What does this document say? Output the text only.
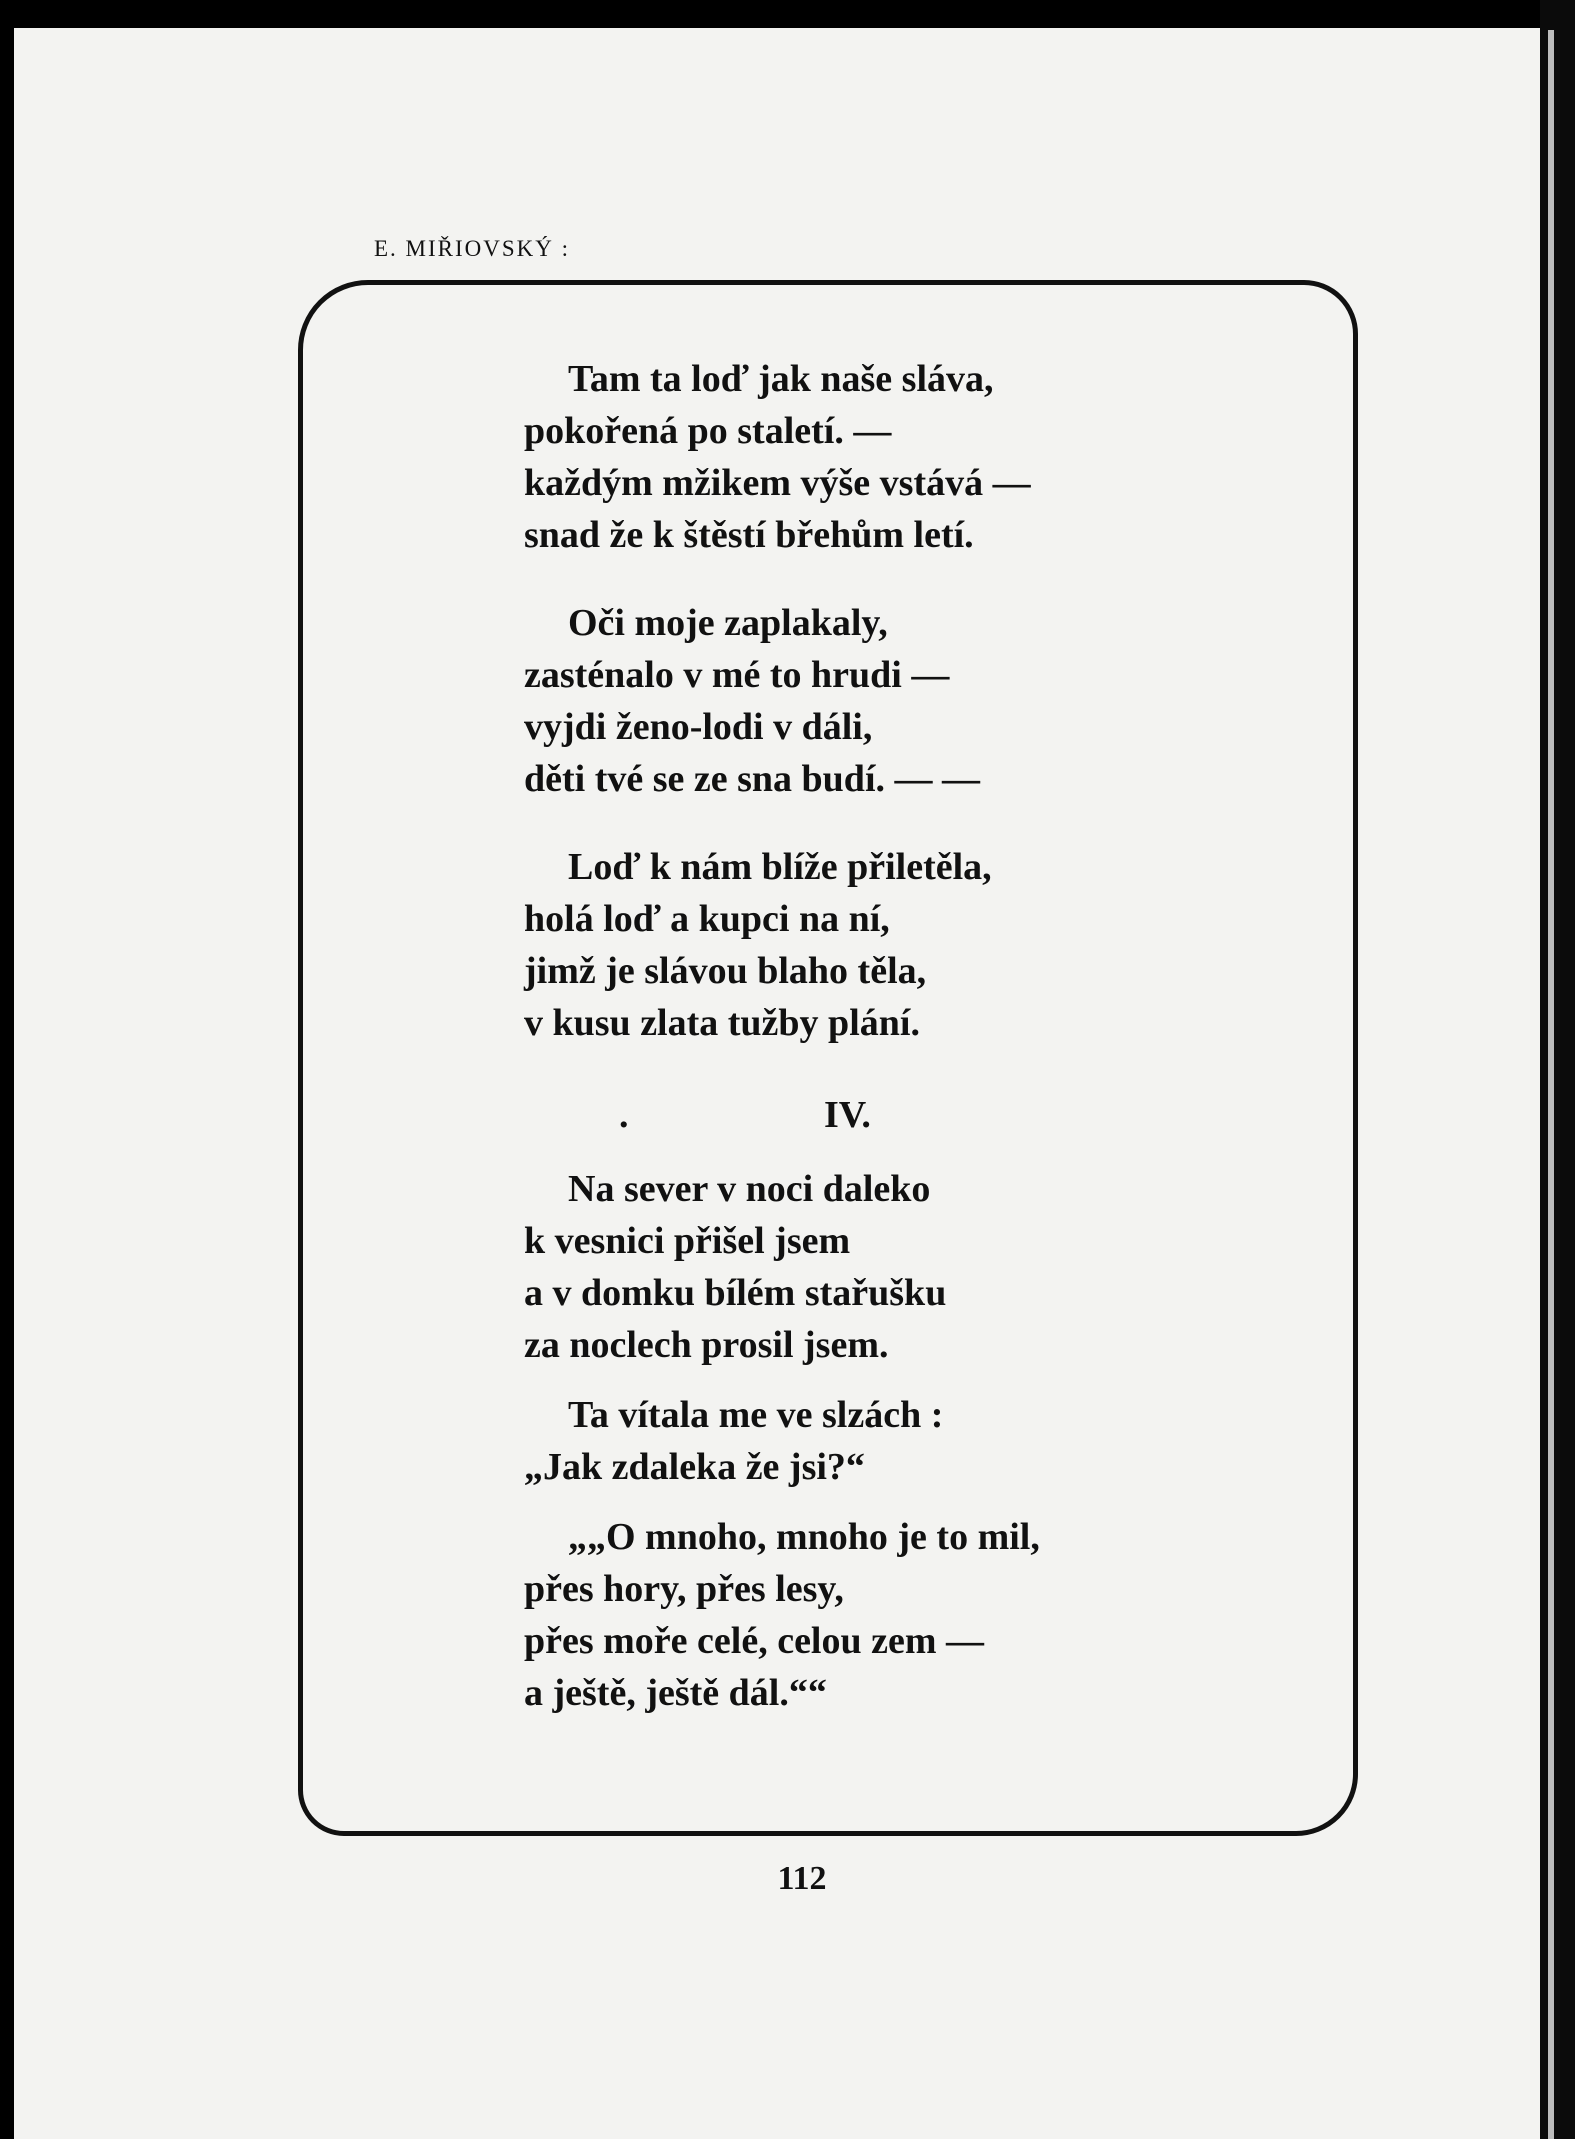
E. MIŘIOVSKÝ :
Tam ta loď jak naše sláva,
pokořená po staletí. —
každým mžikem výše vstává —
snad že k štěstí břehům letí.
Oči moje zaplakaly,
zasténalo v mé to hrudi —
vyjdi ženo-lodi v dáli,
děti tvé se ze sna budí. — —
Loď k nám blíže přiletěla,
holá loď a kupci na ní,
jimž je slávou blaho těla,
v kusu zlata tužby plání.
.	IV.
Na sever v noci daleko
k vesnici přišel jsem
a v domku bílém stařušku
za noclech prosil jsem.
Ta vítala me ve slzách :
„Jak zdaleka že jsi?“
„„O mnoho, mnoho je to mil,
přes hory, přes lesy,
přes moře celé, celou zem —
a ještě, ještě dál.““
112
